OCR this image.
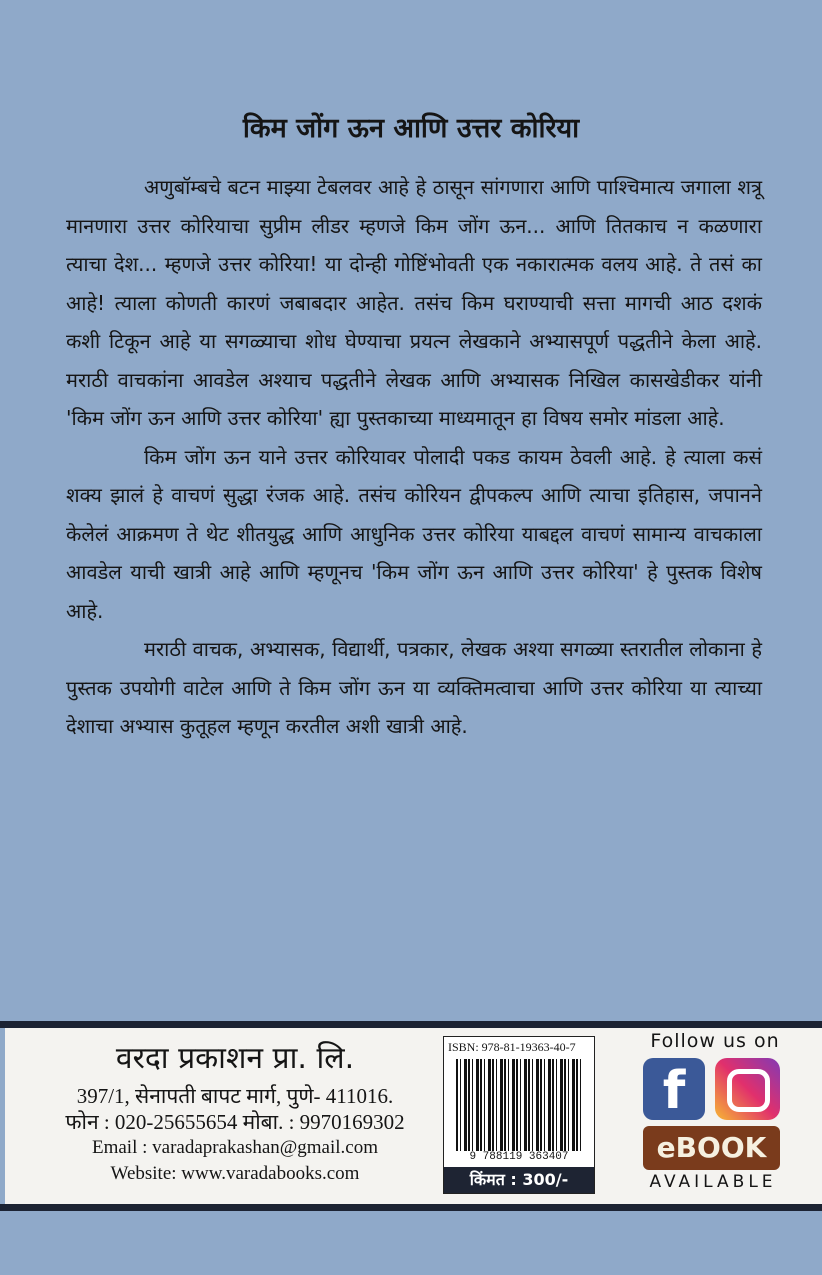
किम जोंग ऊन आणि उत्तर कोरिया

अणुबॉम्बचे बटन माझ्या टेबलवर आहे हे ठासून सांगणारा आणि पाश्चिमात्य जगाला शत्रू मानणारा उत्तर कोरियाचा सुप्रीम लीडर म्हणजे किम जोंग ऊन... आणि तितकाच न कळणारा त्याचा देश... म्हणजे उत्तर कोरिया! या दोन्ही गोष्टिंभोवती एक नकारात्मक वलय आहे. ते तसं का आहे! त्याला कोणती कारणं जबाबदार आहेत. तसंच किम घराण्याची सत्ता मागची आठ दशकं कशी टिकून आहे या सगळ्याचा शोध घेण्याचा प्रयत्न लेखकाने अभ्यासपूर्ण पद्धतीने केला आहे. मराठी वाचकांना आवडेल अश्याच पद्धतीने लेखक आणि अभ्यासक निखिल कासखेडीकर यांनी 'किम जोंग ऊन आणि उत्तर कोरिया' ह्या पुस्तकाच्या माध्यमातून हा विषय समोर मांडला आहे.

किम जोंग ऊन याने उत्तर कोरियावर पोलादी पकड कायम ठेवली आहे. हे त्याला कसं शक्य झालं हे वाचणं सुद्धा रंजक आहे. तसंच कोरियन द्वीपकल्प आणि त्याचा इतिहास, जपानने केलेलं आक्रमण ते थेट शीतयुद्ध आणि आधुनिक उत्तर कोरिया याबद्दल वाचणं सामान्य वाचकाला आवडेल याची खात्री आहे आणि म्हणूनच 'किम जोंग ऊन आणि उत्तर कोरिया' हे पुस्तक विशेष आहे.

मराठी वाचक, अभ्यासक, विद्यार्थी, पत्रकार, लेखक अश्या सगळ्या स्तरातील लोकाना हे पुस्तक उपयोगी वाटेल आणि ते किम जोंग ऊन या व्यक्तिमत्वाचा आणि उत्तर कोरिया या त्याच्या देशाचा अभ्यास कुतूहल म्हणून करतील अशी खात्री आहे.

वरदा प्रकाशन प्रा. लि.
397/1, सेनापती बापट मार्ग, पुणे- 411016.
फोन : 020-25655654 मोबा. : 9970169302
Email : varadaprakashan@gmail.com
Website: www.varadabooks.com
ISBN: 978-81-19363-40-7
9 788119 363407
किंमत : 300/-
Follow us on
f
eBOOK
AVAILABLE
